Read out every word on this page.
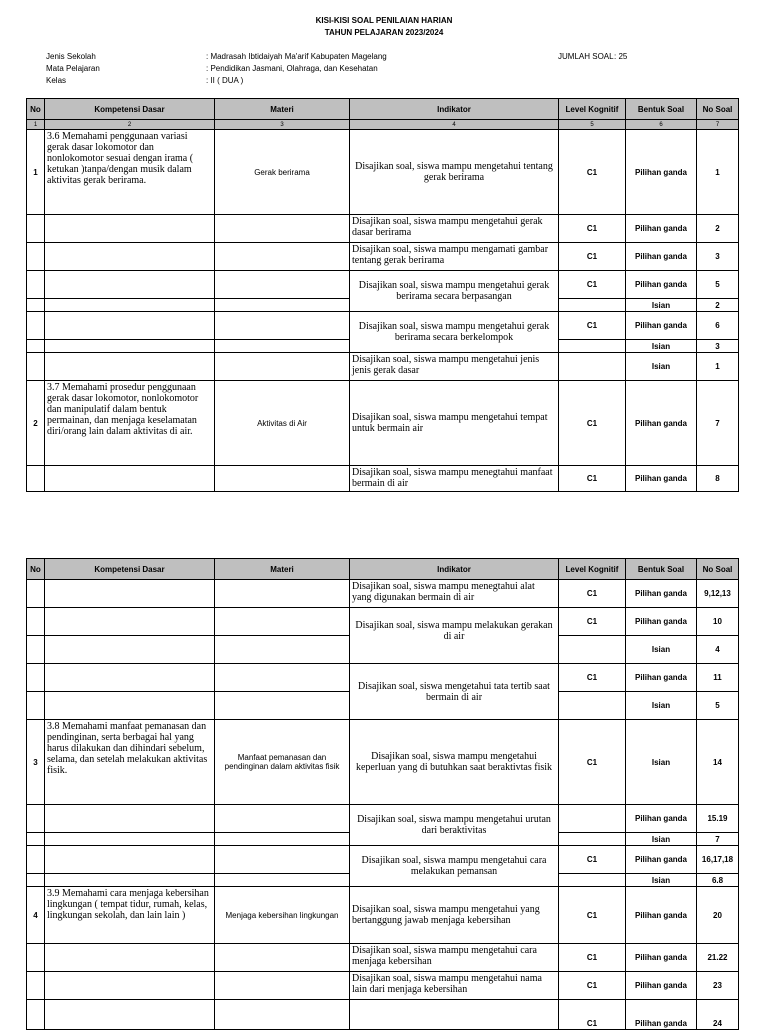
KISI-KISI SOAL PENILAIAN HARIAN
TAHUN PELAJARAN 2023/2024
Jenis Sekolah	: Madrasah Ibtidaiyah Ma'arif Kabupaten Magelang
Mata Pelajaran	: Pendidikan Jasmani, Olahraga, dan Kesehatan
Kelas	: II ( DUA )
JUMLAH SOAL : 25
No	Kompetensi Dasar	Materi	Indikator	Level Kognitif	Bentuk Soal	No Soal
1	2	3	4	5	6	7
1	3.6 Memahami penggunaan variasi gerak dasar lokomotor dan nonlokomotor sesuai dengan irama ( ketukan )tanpa/dengan musik dalam aktivitas gerak berirama.	Gerak berirama	Disajikan soal, siswa mampu mengetahui tentang gerak berirama	C1	Pilihan ganda	1
			Disajikan soal, siswa mampu mengetahui gerak dasar berirama	C1	Pilihan ganda	2
			Disajikan soal, siswa mampu mengamati gambar tentang gerak berirama	C1	Pilihan ganda	3
			Disajikan soal, siswa mampu mengetahui gerak berirama secara berpasangan	C1	Pilihan ganda	5
					Isian	2
			Disajikan soal, siswa mampu mengetahui gerak berirama secara berkelompok	C1	Pilihan ganda	6
					Isian	3
			Disajikan soal, siswa mampu mengetahui jenis jenis gerak dasar		Isian	1
2	3.7 Memahami prosedur penggunaan gerak dasar lokomotor, nonlokomotor dan manipulatif dalam bentuk permainan, dan menjaga keselamatan diri/orang lain dalam aktivitas di air.	Aktivitas di Air	Disajikan soal, siswa mampu mengetahui tempat untuk bermain air	C1	Pilihan ganda	7
			Disajikan soal, siswa mampu menegtahui manfaat bermain di air	C1	Pilihan ganda	8
No	Kompetensi Dasar	Materi	Indikator	Level Kognitif	Bentuk Soal	No Soal
			Disajikan soal, siswa mampu menegtahui alat yang digunakan bermain di air	C1	Pilihan ganda	9,12,13
			Disajikan soal, siswa mampu melakukan gerakan di air	C1	Pilihan ganda	10
					Isian	4
			Disajikan soal, siswa mengetahui tata tertib saat bermain di air	C1	Pilihan ganda	11
					Isian	5
3	3.8 Memahami manfaat pemanasan dan pendinginan, serta berbagai hal yang harus dilakukan dan dihindari sebelum, selama, dan setelah melakukan aktivitas fisik.	Manfaat pemanasan dan pendinginan dalam aktivitas fisik	Disajikan soal, siswa mampu mengetahui keperluan yang di butuhkan saat beraktivtas fisik	C1	Isian	14
			Disajikan soal, siswa mampu mengetahui urutan dari beraktivitas		Pilihan ganda	15.19
					Isian	7
			Disajikan soal, siswa mampu mengetahui cara melakukan pemansan	C1	Pilihan ganda	16,17,18
					Isian	6.8
4	3.9 Memahami cara menjaga kebersihan lingkungan ( tempat tidur, rumah, kelas, lingkungan sekolah, dan lain lain )	Menjaga kebersihan lingkungan	Disajikan soal, siswa mampu mengetahui yang bertanggung jawab menjaga kebersihan	C1	Pilihan ganda	20
			Disajikan soal, siswa mampu mengetahui cara menjaga kebersihan	C1	Pilihan ganda	21.22
			Disajikan soal, siswa mampu mengetahui nama lain dari menjaga kebersihan	C1	Pilihan ganda	23
				C1	Pilihan ganda	24
